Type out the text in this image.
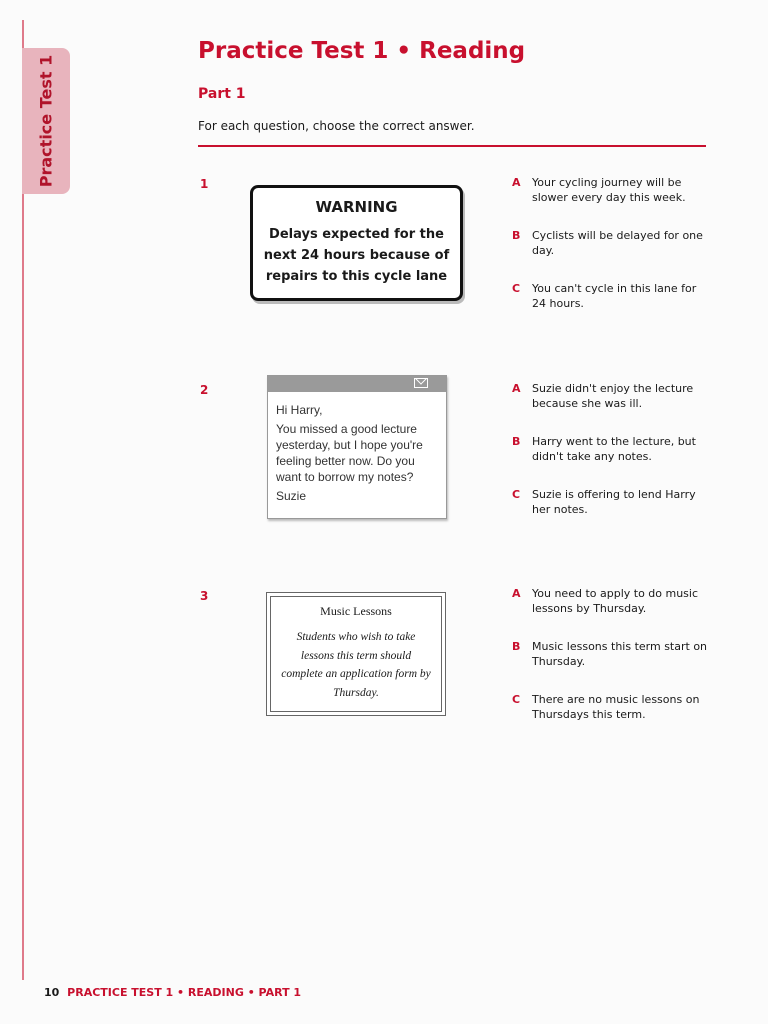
Practice Test 1
Practice Test 1 • Reading
Part 1

For each question, choose the correct answer.

1
WARNING
Delays expected for the next 24 hours because of repairs to this cycle lane
A Your cycling journey will be slower every day this week.
B Cyclists will be delayed for one day.
C You can't cycle in this lane for 24 hours.
2

Hi Harry,

You missed a good lecture yesterday, but I hope you're feeling better now. Do you want to borrow my notes?

Suzie

A Suzie didn't enjoy the lecture because she was ill.
B Harry went to the lecture, but didn't take any notes.
C Suzie is offering to lend Harry her notes.
3
Music Lessons
Students who wish to take lessons this term should complete an application form by Thursday.
A You need to apply to do music lessons by Thursday.
B Music lessons this term start on Thursday.
C There are no music lessons on Thursdays this term.

10 PRACTICE TEST 1 • READING • PART 1
